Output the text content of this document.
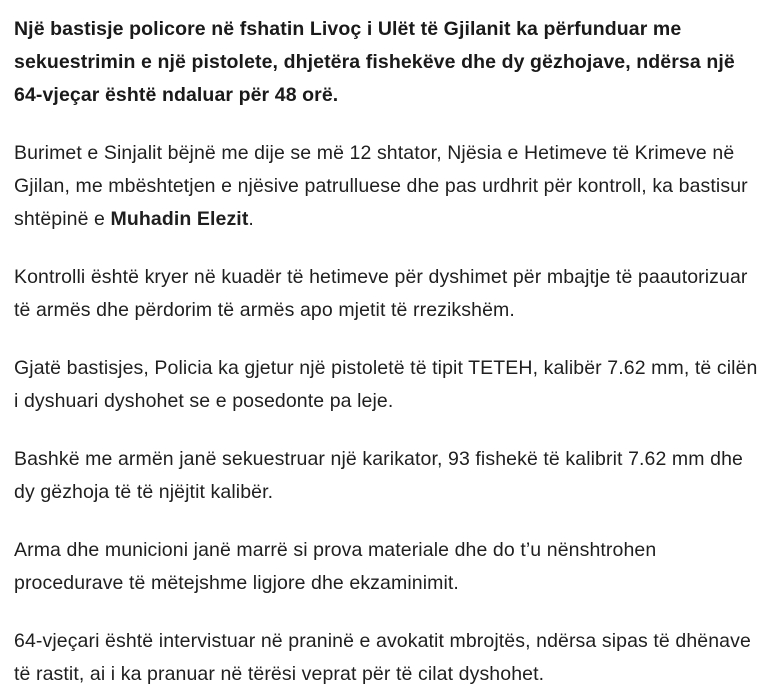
Një bastisje policore në fshatin Livoç i Ulët të Gjilanit ka përfunduar me sekuestrimin e një pistolete, dhjetëra fishekëve dhe dy gëzhojave, ndërsa një 64-vjeçar është ndaluar për 48 orë.

Burimet e Sinjalit bëjnë me dije se më 12 shtator, Njësia e Hetimeve të Krimeve në Gjilan, me mbështetjen e njësive patrulluese dhe pas urdhrit për kontroll, ka bastisur shtëpinë e Muhadin Elezit.

Kontrolli është kryer në kuadër të hetimeve për dyshimet për mbajtje të paautorizuar të armës dhe përdorim të armës apo mjetit të rrezikshëm.

Gjatë bastisjes, Policia ka gjetur një pistoletë të tipit TETEH, kalibër 7.62 mm, të cilën i dyshuari dyshohet se e posedonte pa leje.

Bashkë me armën janë sekuestruar një karikator, 93 fishekë të kalibrit 7.62 mm dhe dy gëzhoja të të njëjtit kalibër.

Arma dhe municioni janë marrë si prova materiale dhe do t’u nënshtrohen procedurave të mëtejshme ligjore dhe ekzaminimit.

64-vjeçari është intervistuar në praninë e avokatit mbrojtës, ndërsa sipas të dhënave të rastit, ai i ka pranuar në tërësi veprat për të cilat dyshohet.
